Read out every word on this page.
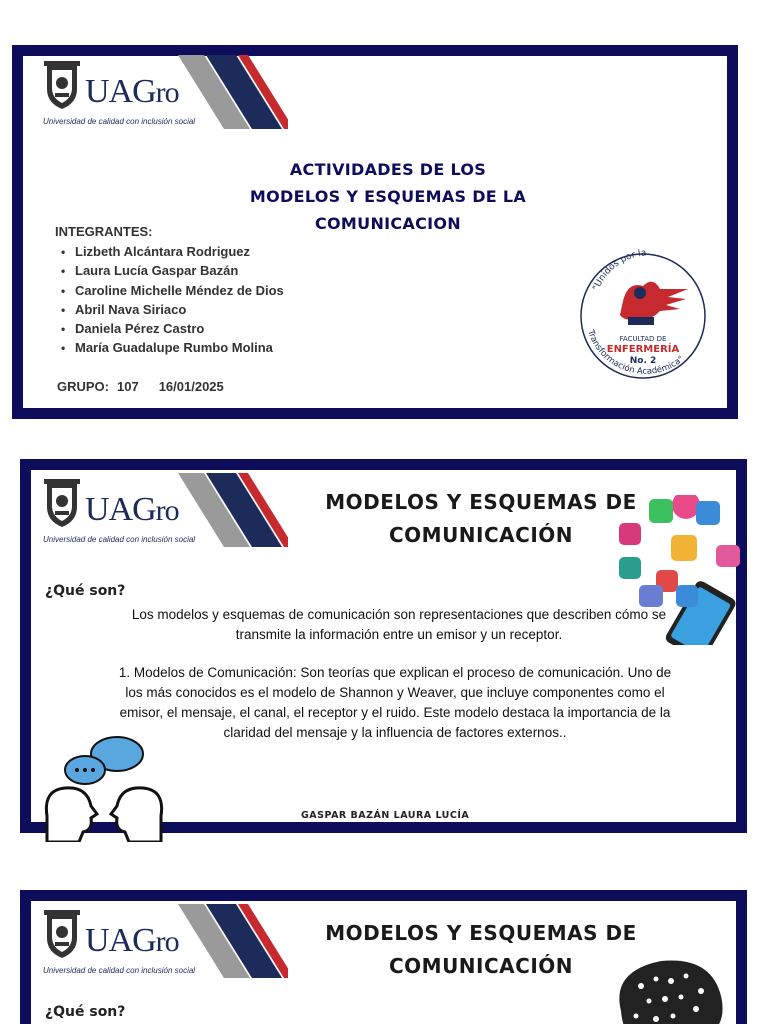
UAGro
Universidad de calidad con inclusión social
ACTIVIDADES DE LOS
MODELOS Y ESQUEMAS DE LA
COMUNICACION
INTEGRANTES:
• Lizbeth Alcántara Rodriguez
• Laura Lucía Gaspar Bazán
• Caroline Michelle Méndez de Dios
• Abril Nava Siriaco
• Daniela Pérez Castro
• María Guadalupe Rumbo Molina
GRUPO: 107 16/01/2025
"Unidos por la
Transformación Académica"
FACULTAD DE
ENFERMERÍA
No. 2
UAGro
Universidad de calidad con inclusión social
MODELOS Y ESQUEMAS DE
COMUNICACIÓN
¿Qué son?

Los modelos y esquemas de comunicación son representaciones que describen cómo se transmite la información entre un emisor y un receptor.

1. Modelos de Comunicación: Son teorías que explican el proceso de comunicación. Uno de los más conocidos es el modelo de Shannon y Weaver, que incluye componentes como el emisor, el mensaje, el canal, el receptor y el ruido. Este modelo destaca la importancia de la claridad del mensaje y la influencia de factores externos..

GASPAR BAZÁN LAURA LUCÍA
UAGro
Universidad de calidad con inclusión social
MODELOS Y ESQUEMAS DE
COMUNICACIÓN
¿Qué son?
